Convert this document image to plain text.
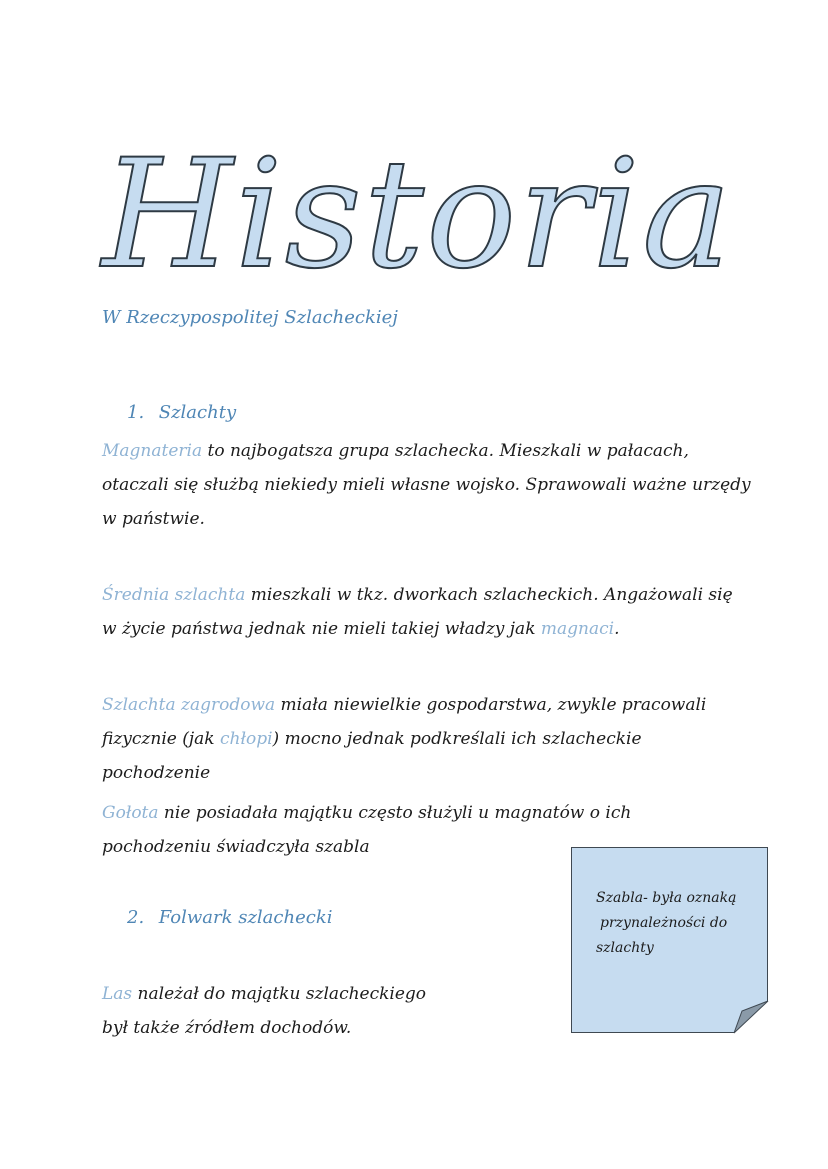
Historia
W Rzeczypospolitej Szlacheckiej
1. Szlachty
Magnateria to najbogatsza grupa szlachecka. Mieszkali w pałacach, otaczali się służbą niekiedy mieli własne wojsko. Sprawowali ważne urzędy w państwie.
Średnia szlachta mieszkali w tkz. dworkach szlacheckich. Angażowali się w życie państwa jednak nie mieli takiej władzy jak magnaci.
Szlachta zagrodowa miała niewielkie gospodarstwa, zwykle pracowali fizycznie (jak chłopi) mocno jednak podkreślali ich szlacheckie pochodzenie
Gołota nie posiadała majątku często służyli u magnatów o ich pochodzeniu świadczyła szabla
2. Folwark szlachecki
Las należał do majątku szlacheckiego
był także źródłem dochodów.
Szabla- była oznaką
przynależności do
szlachty
